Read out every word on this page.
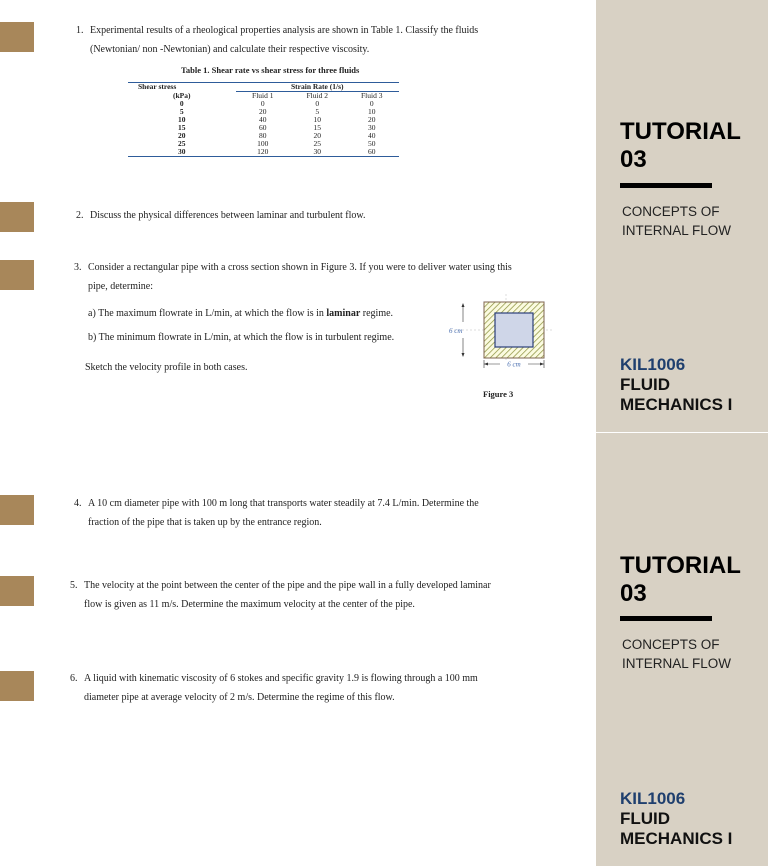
1. Experimental results of a rheological properties analysis are shown in Table 1. Classify the fluids

(Newtonian/ non -Newtonian) and calculate their respective viscosity.

Table 1. Shear rate vs shear stress for three fluids
Shear stress	Strain Rate (1/s)		
(kPa)	Fluid 1	Fluid 2	Fluid 3
0	0	0	0
5	20	5	10
10	40	10	20
15	60	15	30
20	80	20	40
25	100	25	50
30	120	30	60
2. Discuss the physical differences between laminar and turbulent flow.

3. Consider a rectangular pipe with a cross section shown in Figure 3. If you were to deliver water using this

pipe, determine:

a) The maximum flowrate in L/min, at which the flow is in laminar regime.

b) The minimum flowrate in L/min, at which the flow is in turbulent regime.

Sketch the velocity profile in both cases.

6 cm
6 cm
Figure 3
TUTORIAL
03
CONCEPTS OF
INTERNAL FLOW
KIL1006
FLUID
MECHANICS I
4. A 10 cm diameter pipe with 100 m long that transports water steadily at 7.4 L/min. Determine the

fraction of the pipe that is taken up by the entrance region.

5. The velocity at the point between the center of the pipe and the pipe wall in a fully developed laminar

flow is given as 11 m/s. Determine the maximum velocity at the center of the pipe.

6. A liquid with kinematic viscosity of 6 stokes and specific gravity 1.9 is flowing through a 100 mm

diameter pipe at average velocity of 2 m/s. Determine the regime of this flow.

TUTORIAL
03
CONCEPTS OF
INTERNAL FLOW
KIL1006
FLUID
MECHANICS I
